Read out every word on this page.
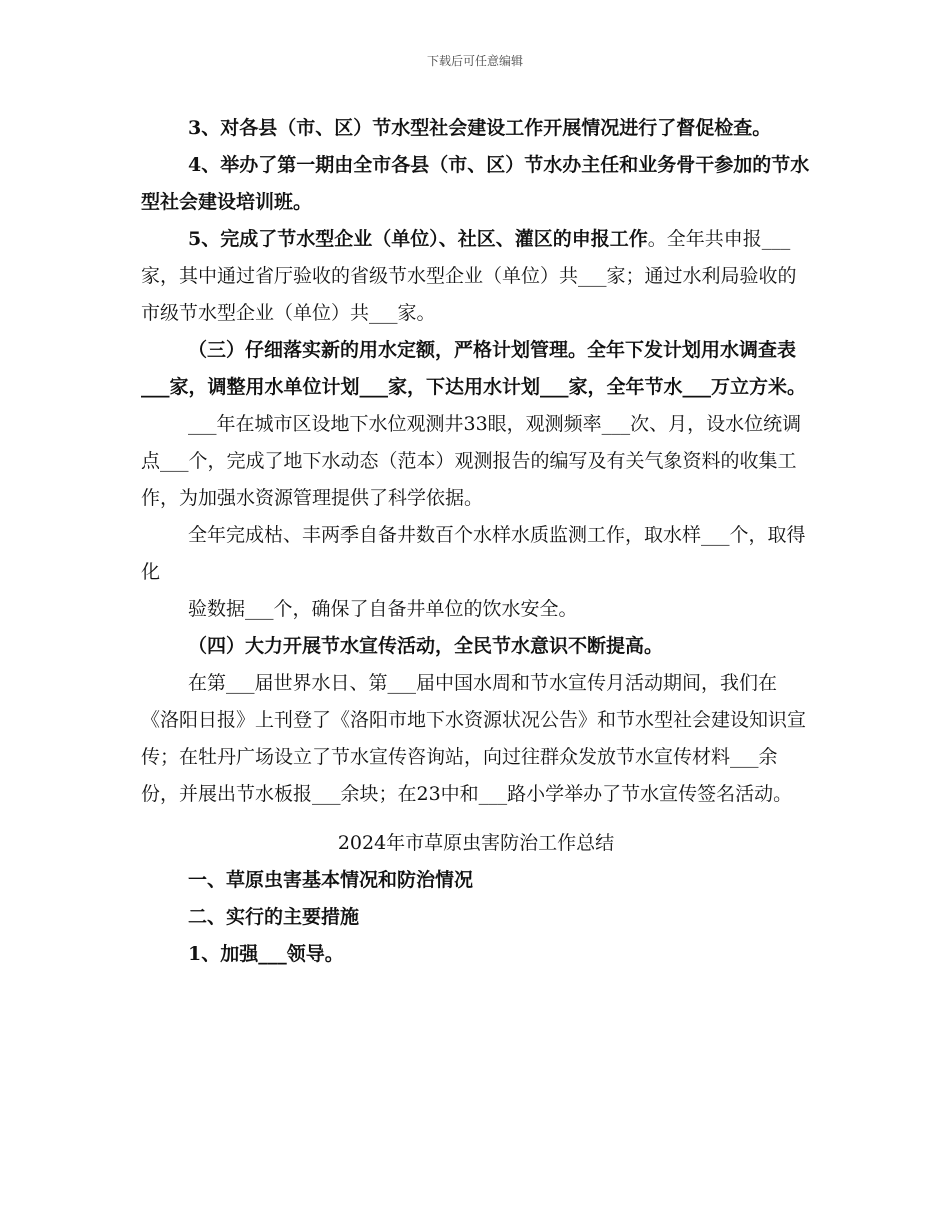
下载后可任意编辑

3、对各县（市、区）节水型社会建设工作开展情况进行了督促检查。

4、举办了第一期由全市各县（市、区）节水办主任和业务骨干参加的节水型社会建设培训班。

5、完成了节水型企业（单位）、社区、灌区的申报工作。全年共申报___家，其中通过省厅验收的省级节水型企业（单位）共___家；通过水利局验收的市级节水型企业（单位）共___家。

（三）仔细落实新的用水定额，严格计划管理。全年下发计划用水调查表___家，调整用水单位计划___家，下达用水计划___家，全年节水___万立方米。

___年在城市区设地下水位观测井33眼，观测频率___次、月，设水位统调点___个，完成了地下水动态（范本）观测报告的编写及有关气象资料的收集工作，为加强水资源管理提供了科学依据。

全年完成枯、丰两季自备井数百个水样水质监测工作，取水样___个，取得化

验数据___个，确保了自备井单位的饮水安全。

（四）大力开展节水宣传活动，全民节水意识不断提高。

在第___届世界水日、第___届中国水周和节水宣传月活动期间，我们在《洛阳日报》上刊登了《洛阳市地下水资源状况公告》和节水型社会建设知识宣传；在牡丹广场设立了节水宣传咨询站，向过往群众发放节水宣传材料___余份，并展出节水板报___余块；在23中和___路小学举办了节水宣传签名活动。

2024年市草原虫害防治工作总结

一、草原虫害基本情况和防治情况

二、实行的主要措施

1、加强___领导。
